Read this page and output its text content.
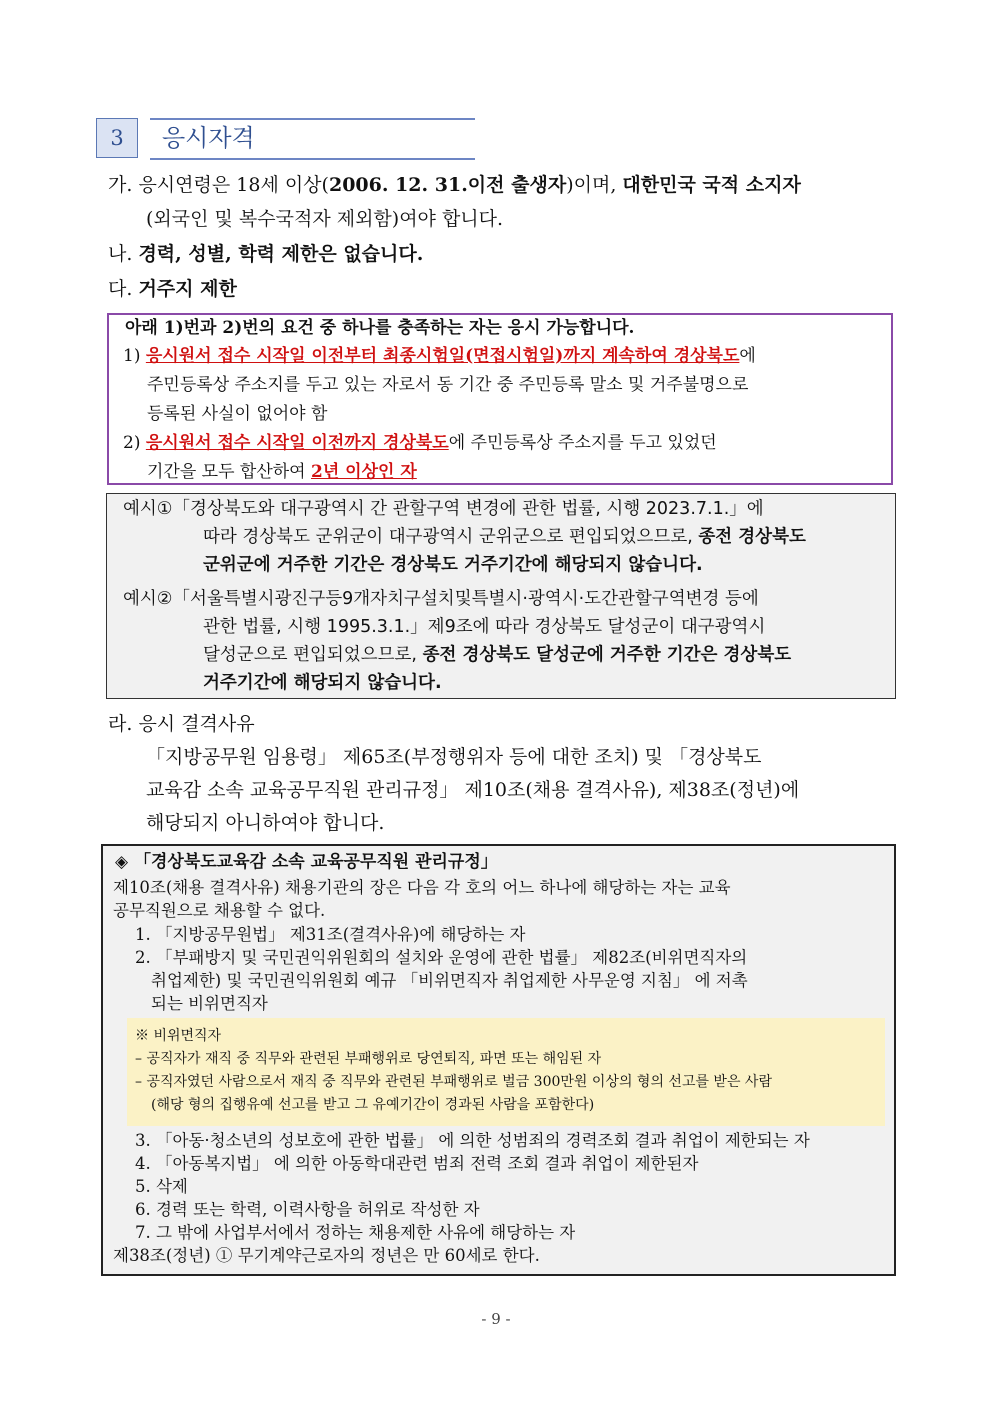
3 응시자격
가. 응시연령은 18세 이상(2006. 12. 31.이전 출생자)이며, 대한민국 국적 소지자
(외국인 및 복수국적자 제외함)여야 합니다.
나. 경력, 성별, 학력 제한은 없습니다.
다. 거주지 제한
아래 1)번과 2)번의 요건 중 하나를 충족하는 자는 응시 가능합니다.
1) 응시원서 접수 시작일 이전부터 최종시험일(면접시험일)까지 계속하여 경상북도에
주민등록상 주소지를 두고 있는 자로서 동 기간 중 주민등록 말소 및 거주불명으로
등록된 사실이 없어야 함
2) 응시원서 접수 시작일 이전까지 경상북도에 주민등록상 주소지를 두고 있었던
기간을 모두 합산하여 2년 이상인 자
예시①「경상북도와 대구광역시 간 관할구역 변경에 관한 법률, 시행 2023.7.1.」에
따라 경상북도 군위군이 대구광역시 군위군으로 편입되었으므로, 종전 경상북도
군위군에 거주한 기간은 경상북도 거주기간에 해당되지 않습니다.
예시②「서울특별시광진구등9개자치구설치및특별시·광역시·도간관할구역변경 등에
관한 법률, 시행 1995.3.1.」제9조에 따라 경상북도 달성군이 대구광역시
달성군으로 편입되었으므로, 종전 경상북도 달성군에 거주한 기간은 경상북도
거주기간에 해당되지 않습니다.
라. 응시 결격사유
「지방공무원 임용령」 제65조(부정행위자 등에 대한 조치) 및 「경상북도
교육감 소속 교육공무직원 관리규정」 제10조(채용 결격사유), 제38조(정년)에
해당되지 아니하여야 합니다.
◈ 「경상북도교육감 소속 교육공무직원 관리규정」
제10조(채용 결격사유) 채용기관의 장은 다음 각 호의 어느 하나에 해당하는 자는 교육
공무직원으로 채용할 수 없다.
1. 「지방공무원법」 제31조(결격사유)에 해당하는 자
2. 「부패방지 및 국민권익위원회의 설치와 운영에 관한 법률」 제82조(비위면직자의
취업제한) 및 국민권익위원회 예규 「비위면직자 취업제한 사무운영 지침」 에 저촉
되는 비위면직자
3. 「아동·청소년의 성보호에 관한 법률」 에 의한 성범죄의 경력조회 결과 취업이 제한되는 자
4. 「아동복지법」 에 의한 아동학대관련 범죄 전력 조회 결과 취업이 제한된자
5. 삭제
6. 경력 또는 학력, 이력사항을 허위로 작성한 자
7. 그 밖에 사업부서에서 정하는 채용제한 사유에 해당하는 자
제38조(정년) ① 무기계약근로자의 정년은 만 60세로 한다.
※ 비위면직자
– 공직자가 재직 중 직무와 관련된 부패행위로 당연퇴직, 파면 또는 해임된 자
– 공직자였던 사람으로서 재직 중 직무와 관련된 부패행위로 벌금 300만원 이상의 형의 선고를 받은 사람
(해당 형의 집행유예 선고를 받고 그 유예기간이 경과된 사람을 포함한다)
- 9 -
